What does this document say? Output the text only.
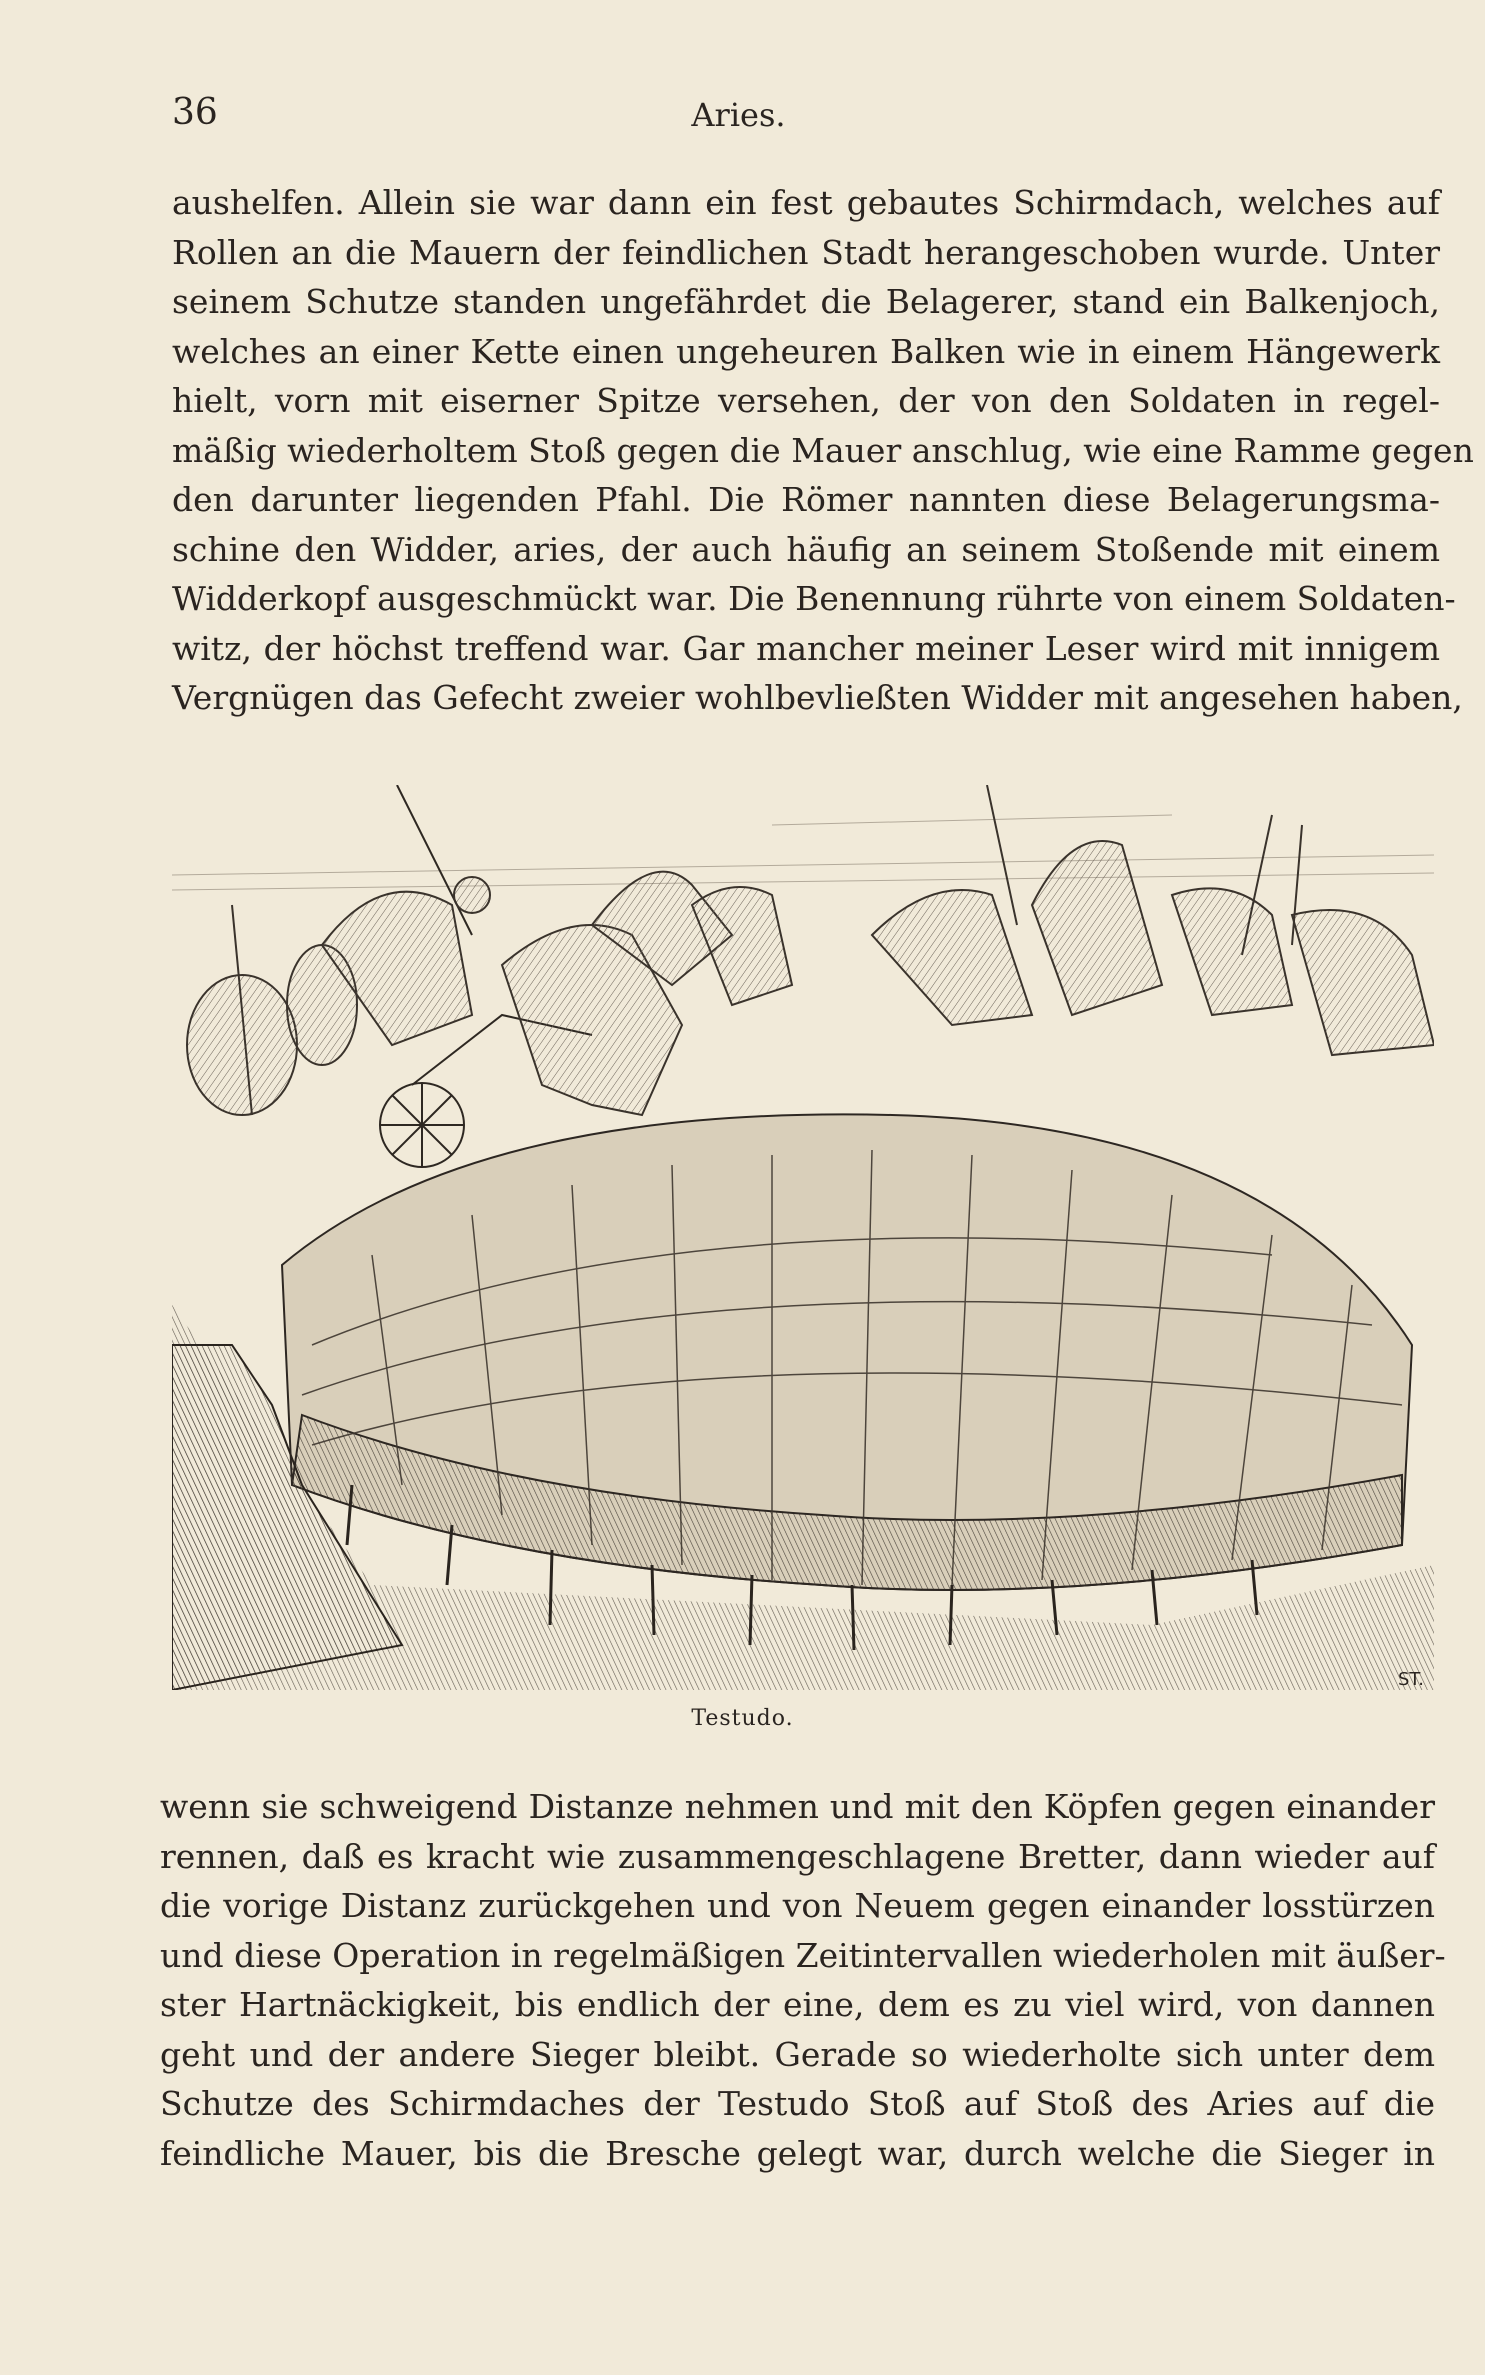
36	Aries.
aushelfen. Allein sie war dann ein fest gebautes Schirmdach, welches auf
Rollen an die Mauern der feindlichen Stadt herangeschoben wurde. Unter
seinem Schutze standen ungefährdet die Belagerer, stand ein Balkenjoch,
welches an einer Kette einen ungeheuren Balken wie in einem Hängewerk
hielt, vorn mit eiserner Spitze versehen, der von den Soldaten in regel-
mäßig wiederholtem Stoß gegen die Mauer anschlug, wie eine Ramme gegen
den darunter liegenden Pfahl. Die Römer nannten diese Belagerungsma-
schine den Widder, aries, der auch häufig an seinem Stoßende mit einem
Widderkopf ausgeschmückt war. Die Benennung rührte von einem Soldaten-
witz, der höchst treffend war. Gar mancher meiner Leser wird mit innigem
Vergnügen das Gefecht zweier wohlbevließten Widder mit angesehen haben,
ST.
Testudo.
wenn sie schweigend Distanze nehmen und mit den Köpfen gegen einander
rennen, daß es kracht wie zusammengeschlagene Bretter, dann wieder auf
die vorige Distanz zurückgehen und von Neuem gegen einander losstürzen
und diese Operation in regelmäßigen Zeitintervallen wiederholen mit äußer-
ster Hartnäckigkeit, bis endlich der eine, dem es zu viel wird, von dannen
geht und der andere Sieger bleibt. Gerade so wiederholte sich unter dem
Schutze des Schirmdaches der Testudo Stoß auf Stoß des Aries auf die
feindliche Mauer, bis die Bresche gelegt war, durch welche die Sieger in
